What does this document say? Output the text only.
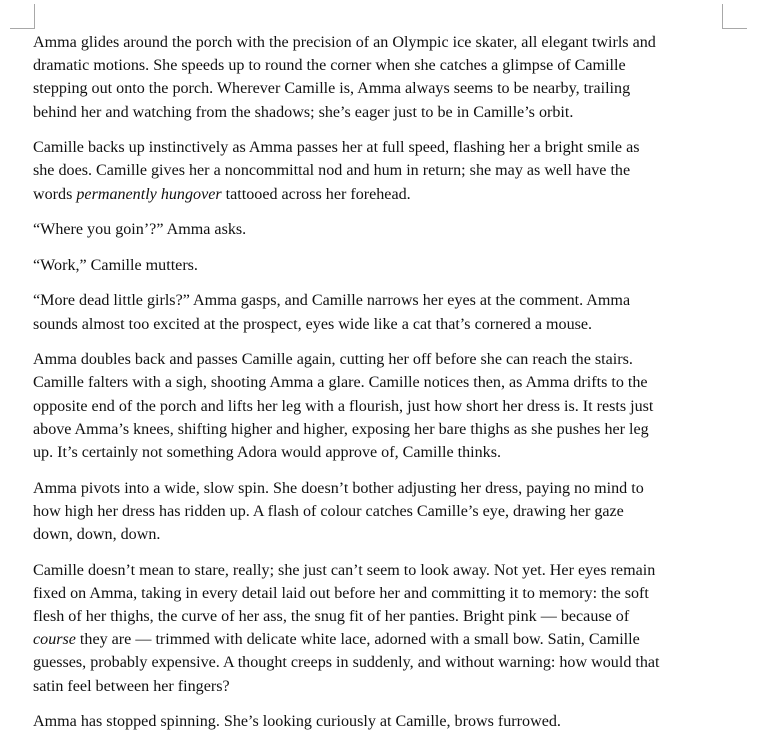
Amma glides around the porch with the precision of an Olympic ice skater, all elegant twirls and
dramatic motions. She speeds up to round the corner when she catches a glimpse of Camille
stepping out onto the porch. Wherever Camille is, Amma always seems to be nearby, trailing
behind her and watching from the shadows; she’s eager just to be in Camille’s orbit.

Camille backs up instinctively as Amma passes her at full speed, flashing her a bright smile as
she does. Camille gives her a noncommittal nod and hum in return; she may as well have the
words permanently hungover tattooed across her forehead.

“Where you goin’?” Amma asks.

“Work,” Camille mutters.

“More dead little girls?” Amma gasps, and Camille narrows her eyes at the comment. Amma
sounds almost too excited at the prospect, eyes wide like a cat that’s cornered a mouse.

Amma doubles back and passes Camille again, cutting her off before she can reach the stairs.
Camille falters with a sigh, shooting Amma a glare. Camille notices then, as Amma drifts to the
opposite end of the porch and lifts her leg with a flourish, just how short her dress is. It rests just
above Amma’s knees, shifting higher and higher, exposing her bare thighs as she pushes her leg
up. It’s certainly not something Adora would approve of, Camille thinks.

Amma pivots into a wide, slow spin. She doesn’t bother adjusting her dress, paying no mind to
how high her dress has ridden up. A flash of colour catches Camille’s eye, drawing her gaze
down, down, down.

Camille doesn’t mean to stare, really; she just can’t seem to look away. Not yet. Her eyes remain
fixed on Amma, taking in every detail laid out before her and committing it to memory: the soft
flesh of her thighs, the curve of her ass, the snug fit of her panties. Bright pink — because of
course they are — trimmed with delicate white lace, adorned with a small bow. Satin, Camille
guesses, probably expensive. A thought creeps in suddenly, and without warning: how would that
satin feel between her fingers?

Amma has stopped spinning. She’s looking curiously at Camille, brows furrowed.
